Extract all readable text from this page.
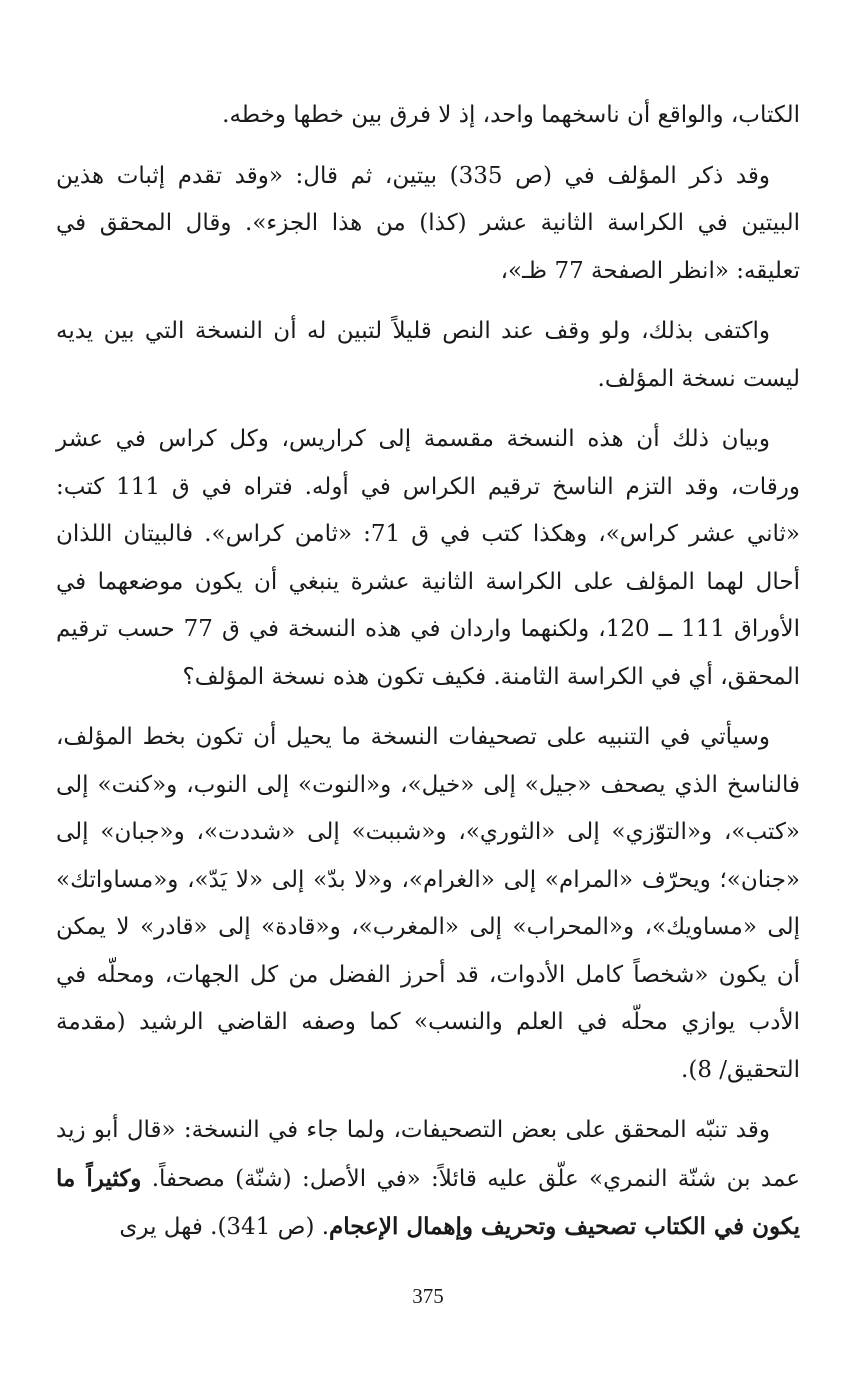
الكتاب، والواقع أن ناسخهما واحد، إذ لا فرق بين خطها وخطه.

وقد ذكر المؤلف في (ص 335) بيتين، ثم قال: «وقد تقدم إثبات هذين البيتين في الكراسة الثانية عشر (كذا) من هذا الجزء». وقال المحقق في تعليقه: «انظر الصفحة 77 ظـ»،

واكتفى بذلك، ولو وقف عند النص قليلاً لتبين له أن النسخة التي بين يديه ليست نسخة المؤلف.

وبيان ذلك أن هذه النسخة مقسمة إلى كراريس، وكل كراس في عشر ورقات، وقد التزم الناسخ ترقيم الكراس في أوله. فتراه في ق 111 كتب: «ثاني عشر كراس»، وهكذا كتب في ق 71: «ثامن كراس». فالبيتان اللذان أحال لهما المؤلف على الكراسة الثانية عشرة ينبغي أن يكون موضعهما في الأوراق 111 ــ 120، ولكنهما واردان في هذه النسخة في ق 77 حسب ترقيم المحقق، أي في الكراسة الثامنة. فكيف تكون هذه نسخة المؤلف؟

وسيأتي في التنبيه على تصحيفات النسخة ما يحيل أن تكون بخط المؤلف، فالناسخ الذي يصحف «جيل» إلى «خيل»، و«النوت» إلى النوب، و«كنت» إلى «كتب»، و«التوّزي» إلى «الثوري»، و«شببت» إلى «شددت»، و«جبان» إلى «جنان»؛ ويحرّف «المرام» إلى «الغرام»، و«لا بدّ» إلى «لا يَدّ»، و«مساواتك» إلى «مساويك»، و«المحراب» إلى «المغرب»، و«قادة» إلى «قادر» لا يمكن أن يكون «شخصاً كامل الأدوات، قد أحرز الفضل من كل الجهات، ومحلّه في الأدب يوازي محلّه في العلم والنسب» كما وصفه القاضي الرشيد (مقدمة التحقيق/ 8).

وقد تنبّه المحقق على بعض التصحيفات، ولما جاء في النسخة: «قال أبو زيد عمد بن شنّة النمري» علّق عليه قائلاً: «في الأصل: (شنّة) مصحفاً. وكثيراً ما يكون في الكتاب تصحيف وتحريف وإهمال الإعجام. (ص 341). فهل يرى

375
